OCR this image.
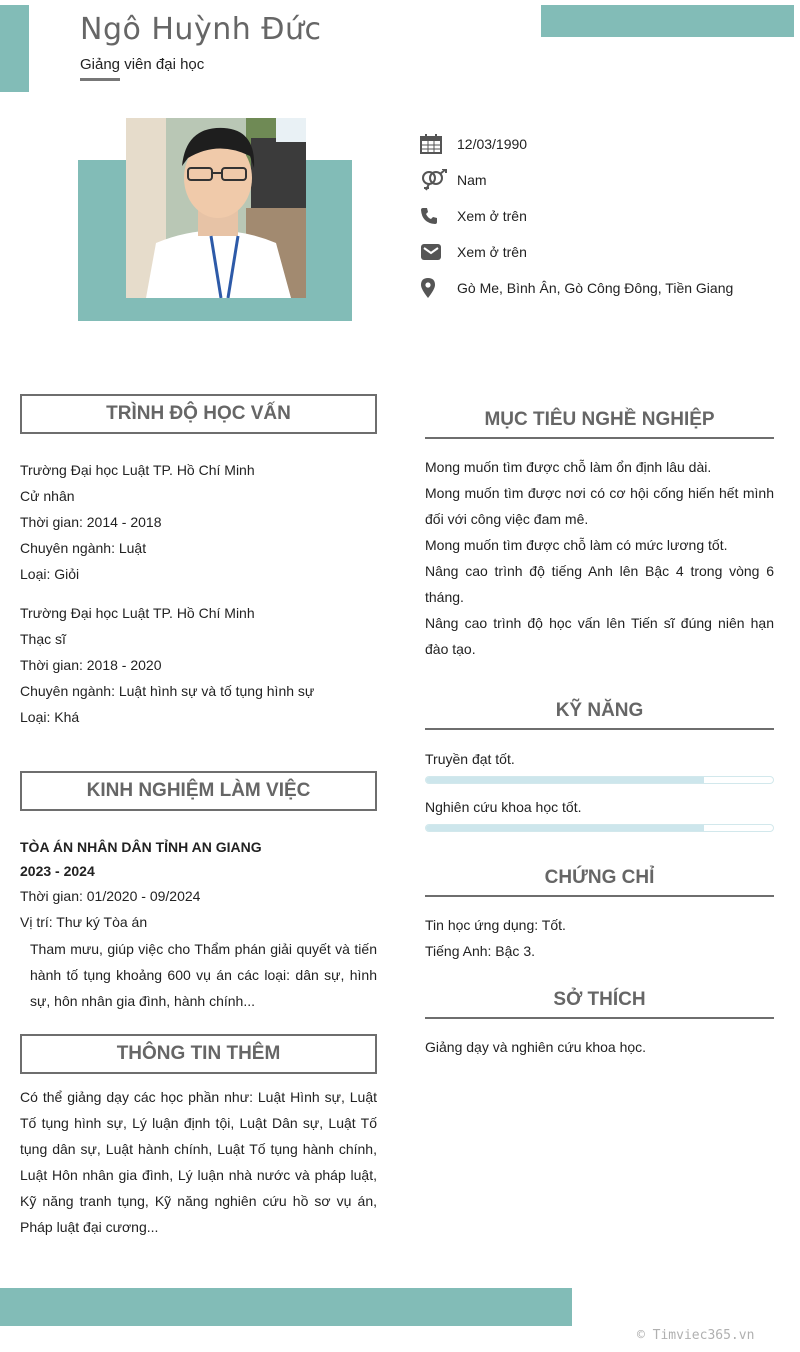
Ngô Huỳnh Đức
Giảng viên đại học
12/03/1990
Nam
Xem ở trên
Xem ở trên
Gò Me, Bình Ân, Gò Công Đông, Tiền Giang
TRÌNH ĐỘ HỌC VẤN
Trường Đại học Luật TP. Hồ Chí Minh
Cử nhân
Thời gian: 2014 - 2018
Chuyên ngành: Luật
Loại: Giỏi
Trường Đại học Luật TP. Hồ Chí Minh
Thạc sĩ
Thời gian: 2018 - 2020
Chuyên ngành: Luật hình sự và tố tụng hình sự
Loại: Khá
KINH NGHIỆM LÀM VIỆC
TÒA ÁN NHÂN DÂN TỈNH AN GIANG
2023 - 2024
Thời gian: 01/2020 - 09/2024
Vị trí: Thư ký Tòa án
Tham mưu, giúp việc cho Thẩm phán giải quyết và tiến hành tố tụng khoảng 600 vụ án các loại: dân sự, hình sự, hôn nhân gia đình, hành chính...
THÔNG TIN THÊM
Có thể giảng dạy các học phần như: Luật Hình sự, Luật Tố tụng hình sự, Lý luận định tội, Luật Dân sự, Luật Tố tụng dân sự, Luật hành chính, Luật Tố tụng hành chính, Luật Hôn nhân gia đình, Lý luận nhà nước và pháp luật, Kỹ năng tranh tụng, Kỹ năng nghiên cứu hồ sơ vụ án, Pháp luật đại cương...
MỤC TIÊU NGHỀ NGHIỆP
Mong muốn tìm được chỗ làm ổn định lâu dài.
Mong muốn tìm được nơi có cơ hội cống hiến hết mình đối với công việc đam mê.
Mong muốn tìm được chỗ làm có mức lương tốt.
Nâng cao trình độ tiếng Anh lên Bậc 4 trong vòng 6 tháng.
Nâng cao trình độ học vấn lên Tiến sĩ đúng niên hạn đào tạo.
KỸ NĂNG
Truyền đạt tốt.
Nghiên cứu khoa học tốt.
CHỨNG CHỈ
Tin học ứng dụng: Tốt.
Tiếng Anh: Bậc 3.
SỞ THÍCH
Giảng dạy và nghiên cứu khoa học.
© Timviec365.vn
